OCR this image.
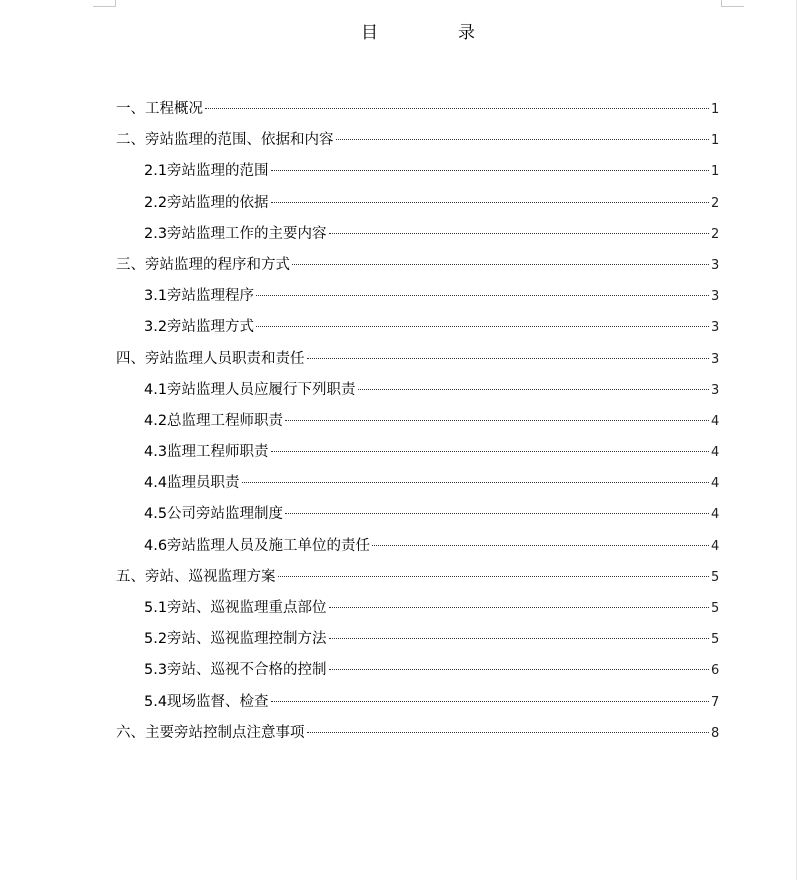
目	录
一、工程概况	1
二、旁站监理的范围、依据和内容	1
2.1旁站监理的范围	1
2.2旁站监理的依据	2
2.3旁站监理工作的主要内容	2
三、旁站监理的程序和方式	3
3.1旁站监理程序	3
3.2旁站监理方式	3
四、旁站监理人员职责和责任	3
4.1旁站监理人员应履行下列职责	3
4.2总监理工程师职责	4
4.3监理工程师职责	4
4.4监理员职责	4
4.5公司旁站监理制度	4
4.6旁站监理人员及施工单位的责任	4
五、旁站、巡视监理方案	5
5.1旁站、巡视监理重点部位	5
5.2旁站、巡视监理控制方法	5
5.3旁站、巡视不合格的控制	6
5.4现场监督、检查	7
六、主要旁站控制点注意事项	8
